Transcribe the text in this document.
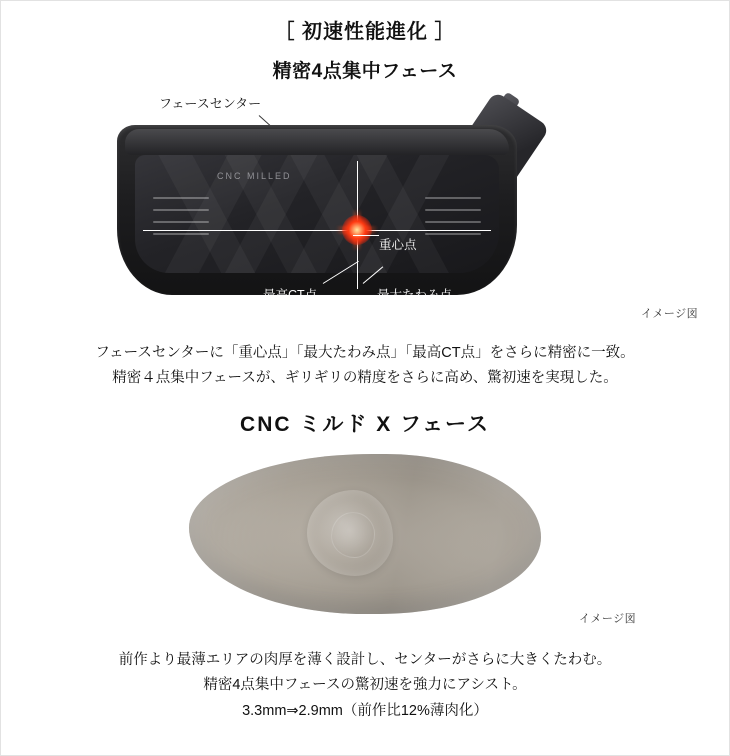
［ 初速性能進化 ］
精密4点集中フェース
フェースセンター
CNC MILLED
重心点
最高CT点	最大たわみ点
イメージ図
フェースセンターに「重心点」「最大たわみ点」「最高CT点」をさらに精密に一致。
精密４点集中フェースが、ギリギリの精度をさらに高め、驚初速を実現した。
CNC ミルド X フェース
イメージ図
前作より最薄エリアの肉厚を薄く設計し、センターがさらに大きくたわむ。
精密4点集中フェースの驚初速を強力にアシスト。
3.3mm⇒2.9mm（前作比12%薄肉化）
